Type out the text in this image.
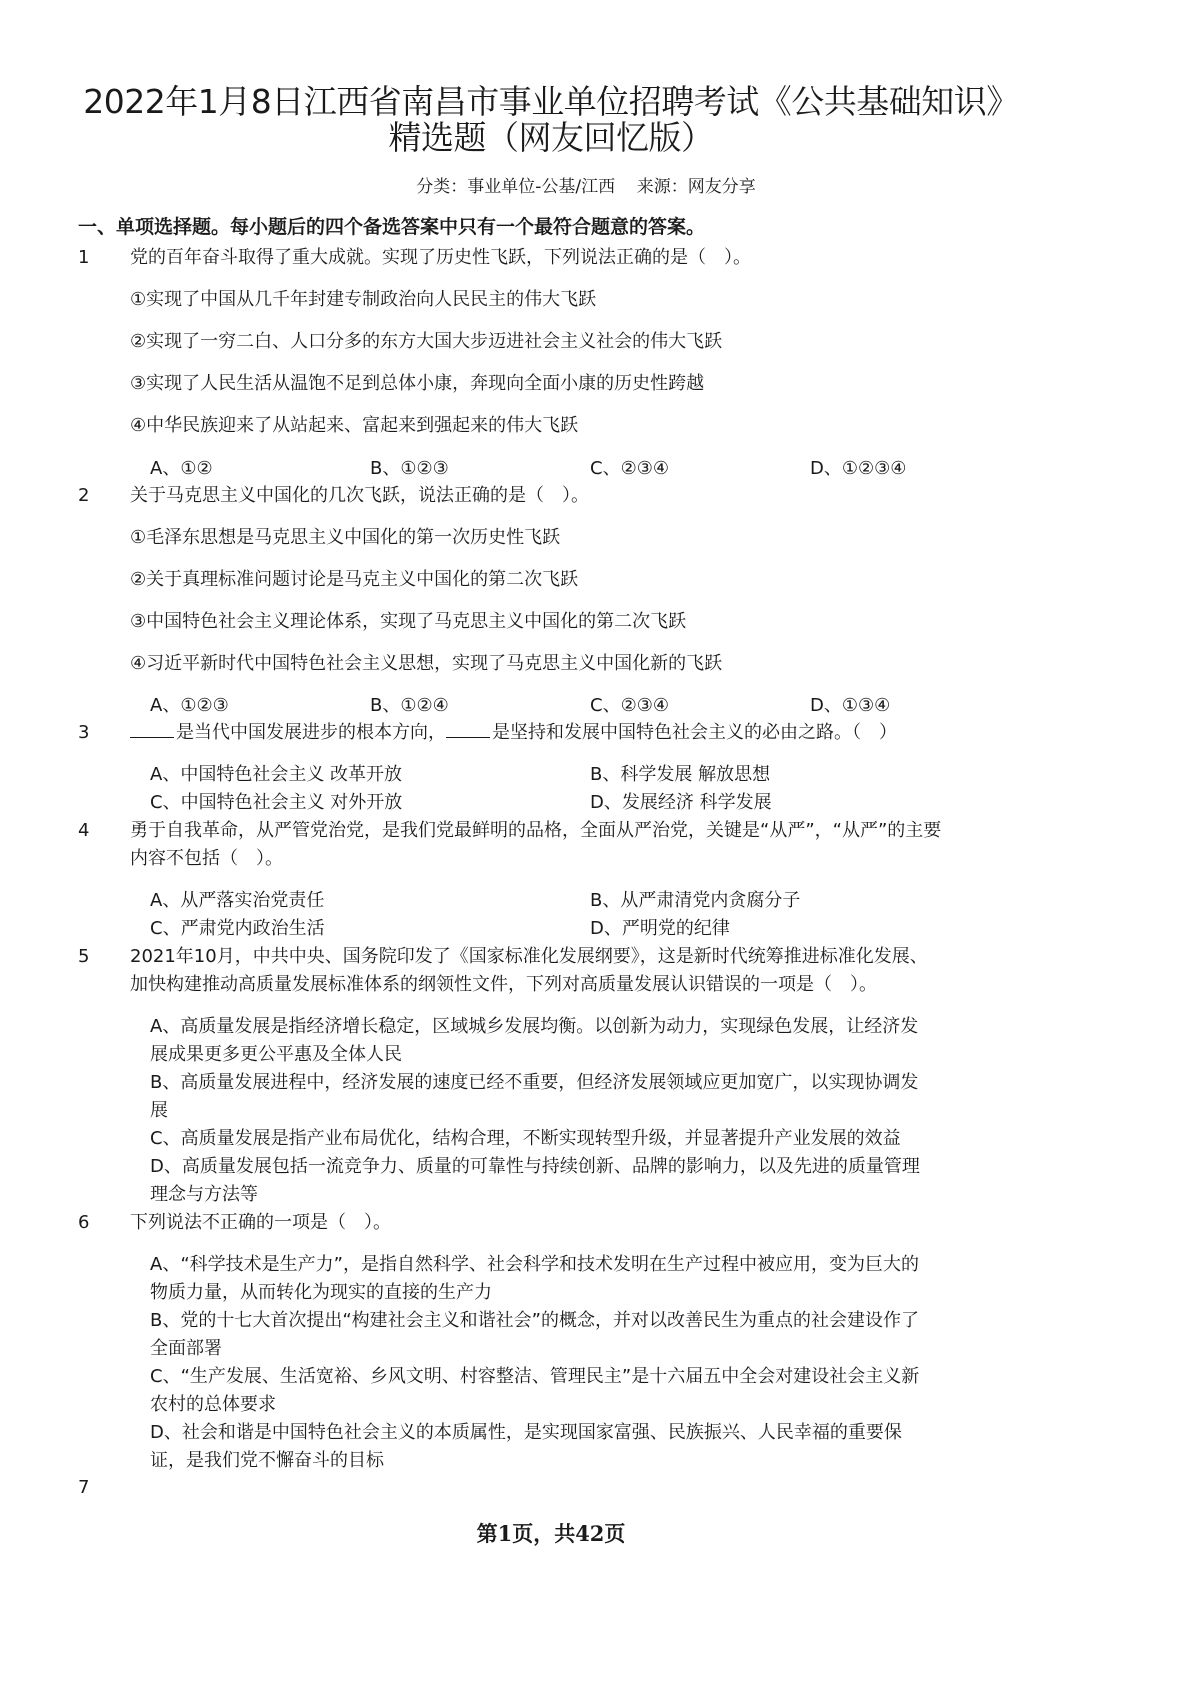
2022年1月8日江西省南昌市事业单位招聘考试《公共基础知识》
精选题（网友回忆版）
分类：事业单位-公基/江西 来源：网友分享
一、单项选择题。每小题后的四个备选答案中只有一个最符合题意的答案。
1	党的百年奋斗取得了重大成就。实现了历史性飞跃，下列说法正确的是（　）。
①实现了中国从几千年封建专制政治向人民民主的伟大飞跃
②实现了一穷二白、人口分多的东方大国大步迈进社会主义社会的伟大飞跃
③实现了人民生活从温饱不足到总体小康，奔现向全面小康的历史性跨越
④中华民族迎来了从站起来、富起来到强起来的伟大飞跃
A、①②	B、①②③	C、②③④	D、①②③④
2	关于马克思主义中国化的几次飞跃，说法正确的是（　）。
①毛泽东思想是马克思主义中国化的第一次历史性飞跃
②关于真理标准问题讨论是马克主义中国化的第二次飞跃
③中国特色社会主义理论体系，实现了马克思主义中国化的第二次飞跃
④习近平新时代中国特色社会主义思想，实现了马克思主义中国化新的飞跃
A、①②③	B、①②④	C、②③④	D、①③④
3	是当代中国发展进步的根本方向，	是坚持和发展中国特色社会主义的必由之路。（　）
A、中国特色社会主义 改革开放	B、科学发展 解放思想
C、中国特色社会主义 对外开放	D、发展经济 科学发展
4	勇于自我革命，从严管党治党，是我们党最鲜明的品格，全面从严治党，关键是“从严”，“从严”的主要
内容不包括（　）。
A、从严落实治党责任	B、从严肃清党内贪腐分子
C、严肃党内政治生活	D、严明党的纪律
5	2021年10月，中共中央、国务院印发了《国家标准化发展纲要》，这是新时代统筹推进标准化发展、
加快构建推动高质量发展标准体系的纲领性文件，下列对高质量发展认识错误的一项是（　）。
A、高质量发展是指经济增长稳定，区域城乡发展均衡。以创新为动力，实现绿色发展，让经济发
展成果更多更公平惠及全体人民
B、高质量发展进程中，经济发展的速度已经不重要，但经济发展领域应更加宽广，以实现协调发
展
C、高质量发展是指产业布局优化，结构合理，不断实现转型升级，并显著提升产业发展的效益
D、高质量发展包括一流竞争力、质量的可靠性与持续创新、品牌的影响力，以及先进的质量管理
理念与方法等
6	下列说法不正确的一项是（　）。
A、“科学技术是生产力”，是指自然科学、社会科学和技术发明在生产过程中被应用，变为巨大的
物质力量，从而转化为现实的直接的生产力
B、党的十七大首次提出“构建社会主义和谐社会”的概念，并对以改善民生为重点的社会建设作了
全面部署
C、“生产发展、生活宽裕、乡风文明、村容整洁、管理民主”是十六届五中全会对建设社会主义新
农村的总体要求
D、社会和谐是中国特色社会主义的本质属性，是实现国家富强、民族振兴、人民幸福的重要保
证，是我们党不懈奋斗的目标
7
第1页，共42页
